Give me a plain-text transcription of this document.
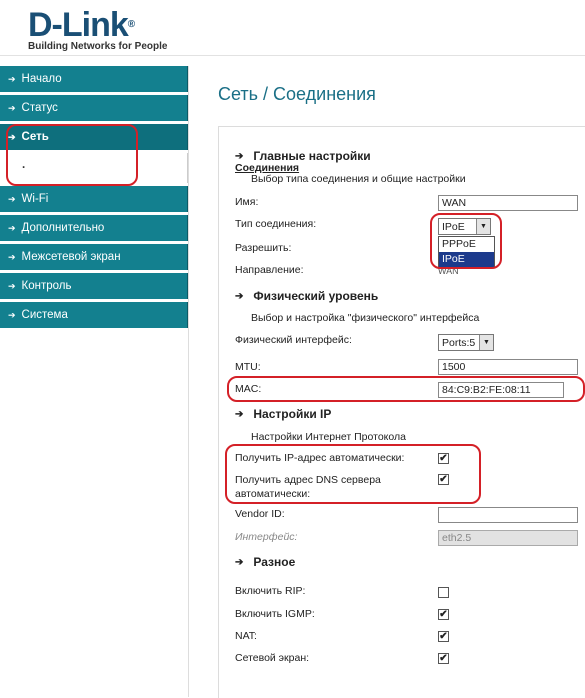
D-Link®
Building Networks for People
➔ Начало
➔ Статус
➔ Сеть
·	Соединения
➔ Wi-Fi
➔ Дополнительно
➔ Межсетевой экран
➔ Контроль
➔ Система
Сеть / Соединения
➔ Главные настройки
Выбор типа соединения и общие настройки
Имя:
WAN
Тип соединения:	IPoE	▼
PPPoE
IPoE
Разрешить:
Направление:	WAN
➔ Физический уровень
Выбор и настройка "физического" интерфейса
Физический интерфейс:	Ports:5	▼
MTU:
1500
MAC:
84:C9:B2:FE:08:11
➔ Настройки IP
Настройки Интернет Протокола
Получить IP-адрес автоматически:	✔
Получить адрес DNS сервера
автоматически:
✔
Vendor ID:
Интерфейс:
eth2.5
➔ Разное
Включить RIP:
Включить IGMP:	✔
NAT:	✔
Сетевой экран:	✔
